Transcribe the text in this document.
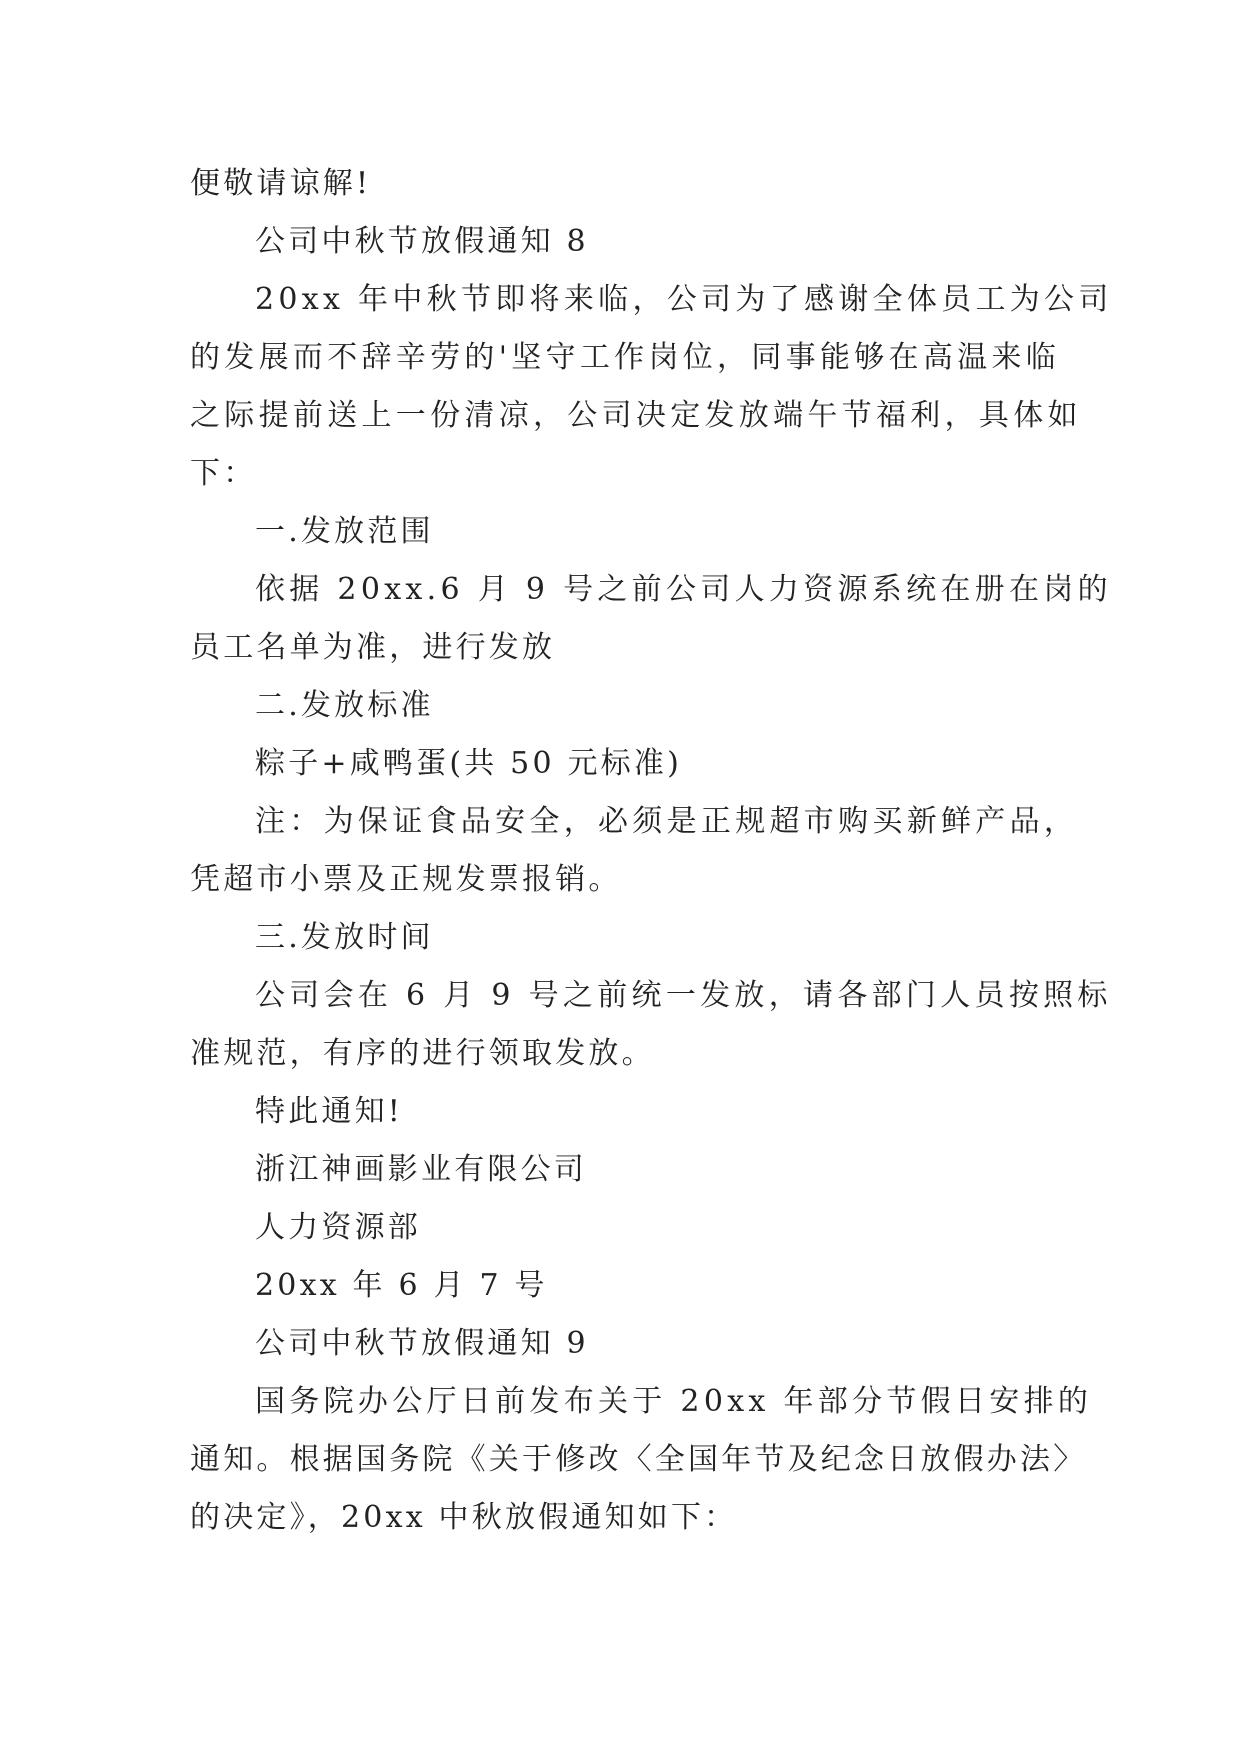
便敬请谅解!
公司中秋节放假通知 8
20xx 年中秋节即将来临，公司为了感谢全体员工为公司
的发展而不辞辛劳的'坚守工作岗位，同事能够在高温来临
之际提前送上一份清凉，公司决定发放端午节福利，具体如
下：
一.发放范围
依据 20xx.6 月 9 号之前公司人力资源系统在册在岗的
员工名单为准，进行发放
二.发放标准
粽子+咸鸭蛋(共 50 元标准)
注：为保证食品安全，必须是正规超市购买新鲜产品，
凭超市小票及正规发票报销。
三.发放时间
公司会在 6 月 9 号之前统一发放，请各部门人员按照标
准规范，有序的进行领取发放。
特此通知!
浙江神画影业有限公司
人力资源部
20xx 年 6 月 7 号
公司中秋节放假通知 9
国务院办公厅日前发布关于 20xx 年部分节假日安排的
通知。根据国务院《关于修改〈全国年节及纪念日放假办法〉
的决定》，20xx 中秋放假通知如下：
